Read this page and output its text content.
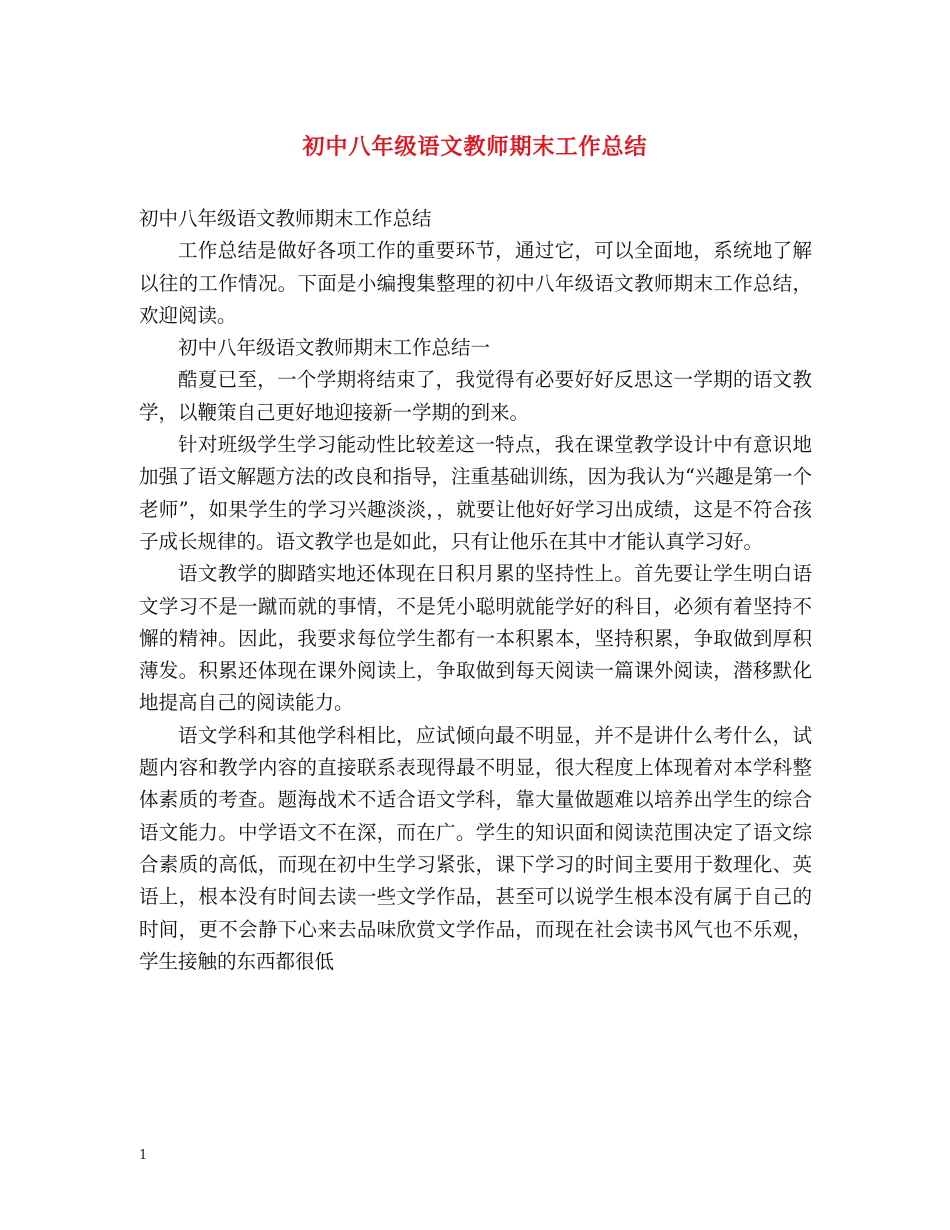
初中八年级语文教师期末工作总结

初中八年级语文教师期末工作总结

工作总结是做好各项工作的重要环节，通过它，可以全面地，系统地了解以往的工作情况。下面是小编搜集整理的初中八年级语文教师期末工作总结，欢迎阅读。

初中八年级语文教师期末工作总结一

酷夏已至，一个学期将结束了，我觉得有必要好好反思这一学期的语文教学，以鞭策自己更好地迎接新一学期的到来。

针对班级学生学习能动性比较差这一特点，我在课堂教学设计中有意识地加强了语文解题方法的改良和指导，注重基础训练，因为我认为“兴趣是第一个老师”，如果学生的学习兴趣淡淡，，就要让他好好学习出成绩，这是不符合孩子成长规律的。语文教学也是如此，只有让他乐在其中才能认真学习好。

语文教学的脚踏实地还体现在日积月累的坚持性上。首先要让学生明白语文学习不是一蹴而就的事情，不是凭小聪明就能学好的科目，必须有着坚持不懈的精神。因此，我要求每位学生都有一本积累本，坚持积累，争取做到厚积薄发。积累还体现在课外阅读上，争取做到每天阅读一篇课外阅读，潜移默化地提高自己的阅读能力。

语文学科和其他学科相比，应试倾向最不明显，并不是讲什么考什么，试题内容和教学内容的直接联系表现得最不明显，很大程度上体现着对本学科整体素质的考查。题海战术不适合语文学科，靠大量做题难以培养出学生的综合语文能力。中学语文不在深，而在广。学生的知识面和阅读范围决定了语文综合素质的高低，而现在初中生学习紧张，课下学习的时间主要用于数理化、英语上，根本没有时间去读一些文学作品，甚至可以说学生根本没有属于自己的时间，更不会静下心来去品味欣赏文学作品，而现在社会读书风气也不乐观，学生接触的东西都很低

1
